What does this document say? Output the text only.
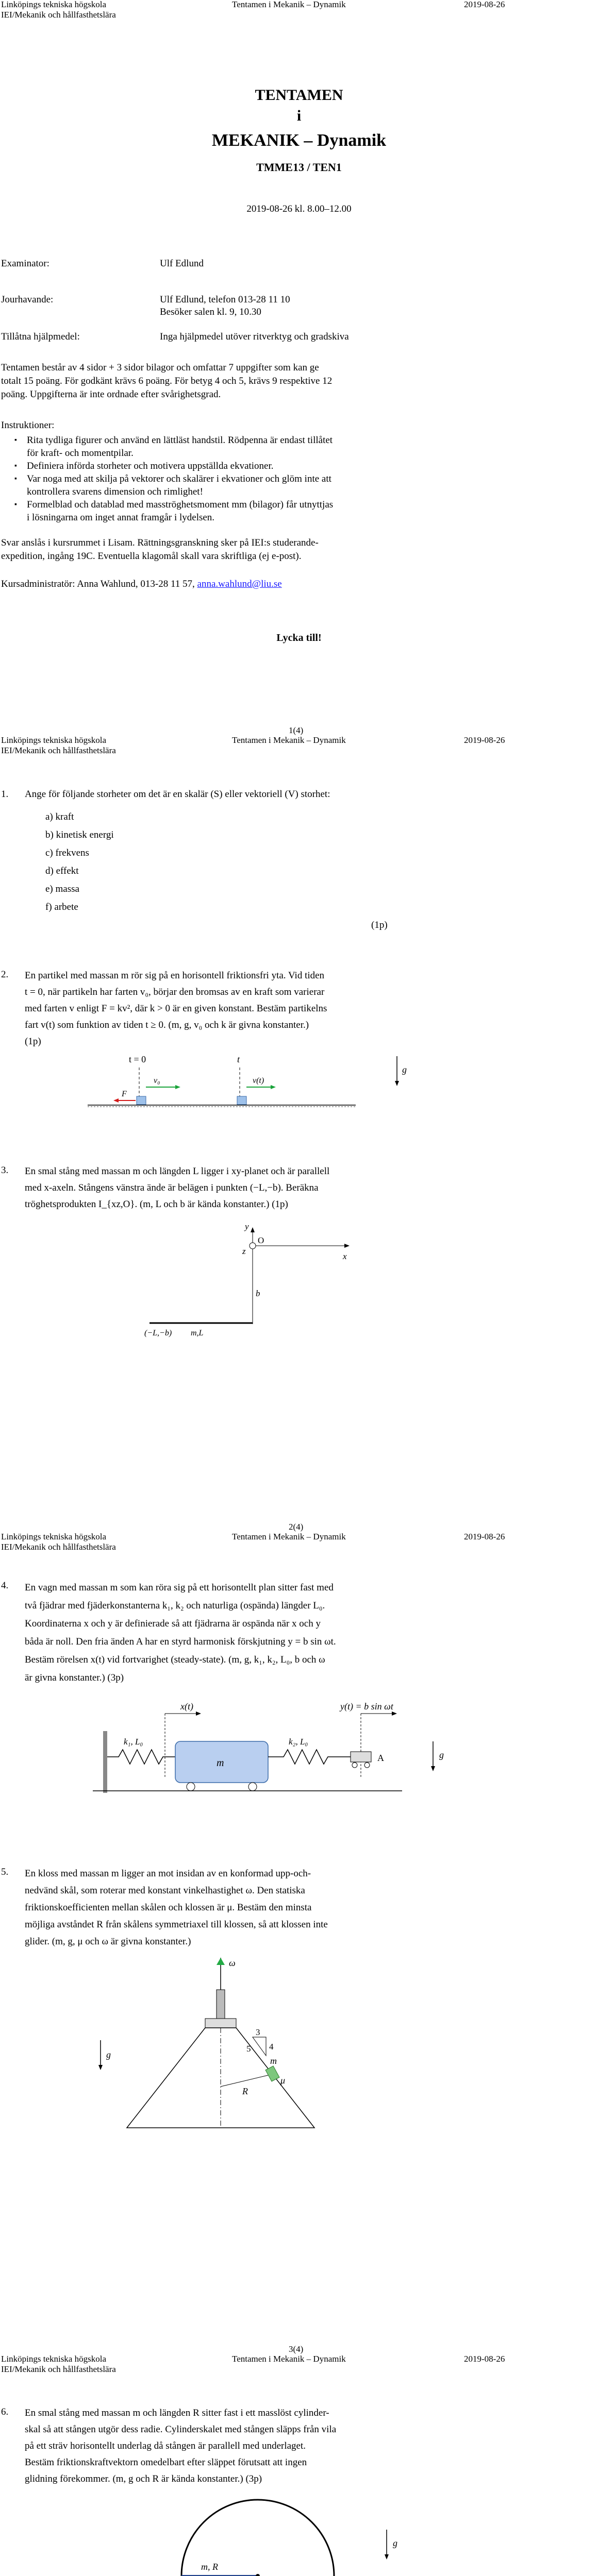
Linköpings tekniska högskola	Tentamen i Mekanik – Dynamik	2019-08-26
IEI/Mekanik och hållfasthetslära
TENTAMEN
i
MEKANIK – Dynamik
TMME13 / TEN1
2019-08-26 kl. 8.00–12.00
Examinator:	Ulf Edlund
Jourhavande:	Ulf Edlund, telefon 013-28 11 10
Besöker salen kl. 9, 10.30
Tillåtna hjälpmedel:	Inga hjälpmedel utöver ritverktyg och gradskiva
Tentamen består av 4 sidor + 3 sidor bilagor och omfattar 7 uppgifter som kan ge
totalt 15 poäng. För godkänt krävs 6 poäng. För betyg 4 och 5, krävs 9 respektive 12
poäng. Uppgifterna är inte ordnade efter svårighetsgrad.
Instruktioner:
▪ Rita tydliga figurer och använd en lättläst handstil. Rödpenna är endast tillåtet
för kraft- och momentpilar.
▪ Definiera införda storheter och motivera uppställda ekvationer.
▪ Var noga med att skilja på vektorer och skalärer i ekvationer och glöm inte att
kontrollera svarens dimension och rimlighet!
▪ Formelblad och datablad med masströghetsmoment mm (bilagor) får utnyttjas
i lösningarna om inget annat framgår i lydelsen.
Svar anslås i kursrummet i Lisam. Rättningsgranskning sker på IEI:s studerande-
expedition, ingång 19C. Eventuella klagomål skall vara skriftliga (ej e-post).
Kursadministratör: Anna Wahlund, 013-28 11 57, anna.wahlund@liu.se
Lycka till!
1(4)
Linköpings tekniska högskola	Tentamen i Mekanik – Dynamik	2019-08-26
IEI/Mekanik och hållfasthetslära
1. Ange för följande storheter om det är en skalär (S) eller vektoriell (V) storhet:
a) kraft
b) kinetisk energi
c) frekvens
d) effekt
e) massa
f) arbete
(1p)
2. En partikel med massan m rör sig på en horisontell friktionsfri yta. Vid tiden
t = 0, när partikeln har farten v₀, börjar den bromsas av en kraft som varierar
med farten v enligt F = kv², där k > 0 är en given konstant. Bestäm partikelns
fart v(t) som funktion av tiden t ≥ 0. (m, g, v₀ och k är givna konstanter.)
(1p)
t = 0	t
v₀	v(t)
F
g
3. En smal stång med massan m och längden L ligger i xy-planet och är parallell
med x-axeln. Stångens vänstra ände är belägen i punkten (−L,−b). Beräkna
tröghetsprodukten I_{xz,O}. (m, L och b är kända konstanter.) (1p)
y
x
O
z
b
(−L,−b) m,L
2(4)
Linköpings tekniska högskola	Tentamen i Mekanik – Dynamik	2019-08-26
IEI/Mekanik och hållfasthetslära
4. En vagn med massan m som kan röra sig på ett horisontellt plan sitter fast med
två fjädrar med fjäderkonstanterna k₁, k₂ och naturliga (ospända) längder L₀.
Koordinaterna x och y är definierade så att fjädrarna är ospända när x och y
båda är noll. Den fria änden A har en styrd harmonisk förskjutning y = b sin ωt.
Bestäm rörelsen x(t) vid fortvarighet (steady-state). (m, g, k₁, k₂, L₀, b och ω
är givna konstanter.) (3p)
x(t)	y(t) = b sin ωt
k₁, L₀
m
k₂, L₀
A	g
5. En kloss med massan m ligger an mot insidan av en konformad upp-och-
nedvänd skål, som roterar med konstant vinkelhastighet ω. Den statiska
friktionskoefficienten mellan skålen och klossen är μ. Bestäm den minsta
möjliga avståndet R från skålens symmetriaxel till klossen, så att klossen inte
glider. (m, g, μ och ω är givna konstanter.)
ω
μ
m
3
4
5
R
g
3(4)
Linköpings tekniska högskola	Tentamen i Mekanik – Dynamik	2019-08-26
IEI/Mekanik och hållfasthetslära
6. En smal stång med massan m och längden R sitter fast i ett masslöst cylinder-
skal så att stången utgör dess radie. Cylinderskalet med stången släpps från vila
på ett sträv horisontellt underlag då stången är parallell med underlaget.
Bestäm friktionskraftvektorn omedelbart efter släppet förutsatt att ingen
glidning förekommer. (m, g och R är kända konstanter.) (3p)
m, R
g
